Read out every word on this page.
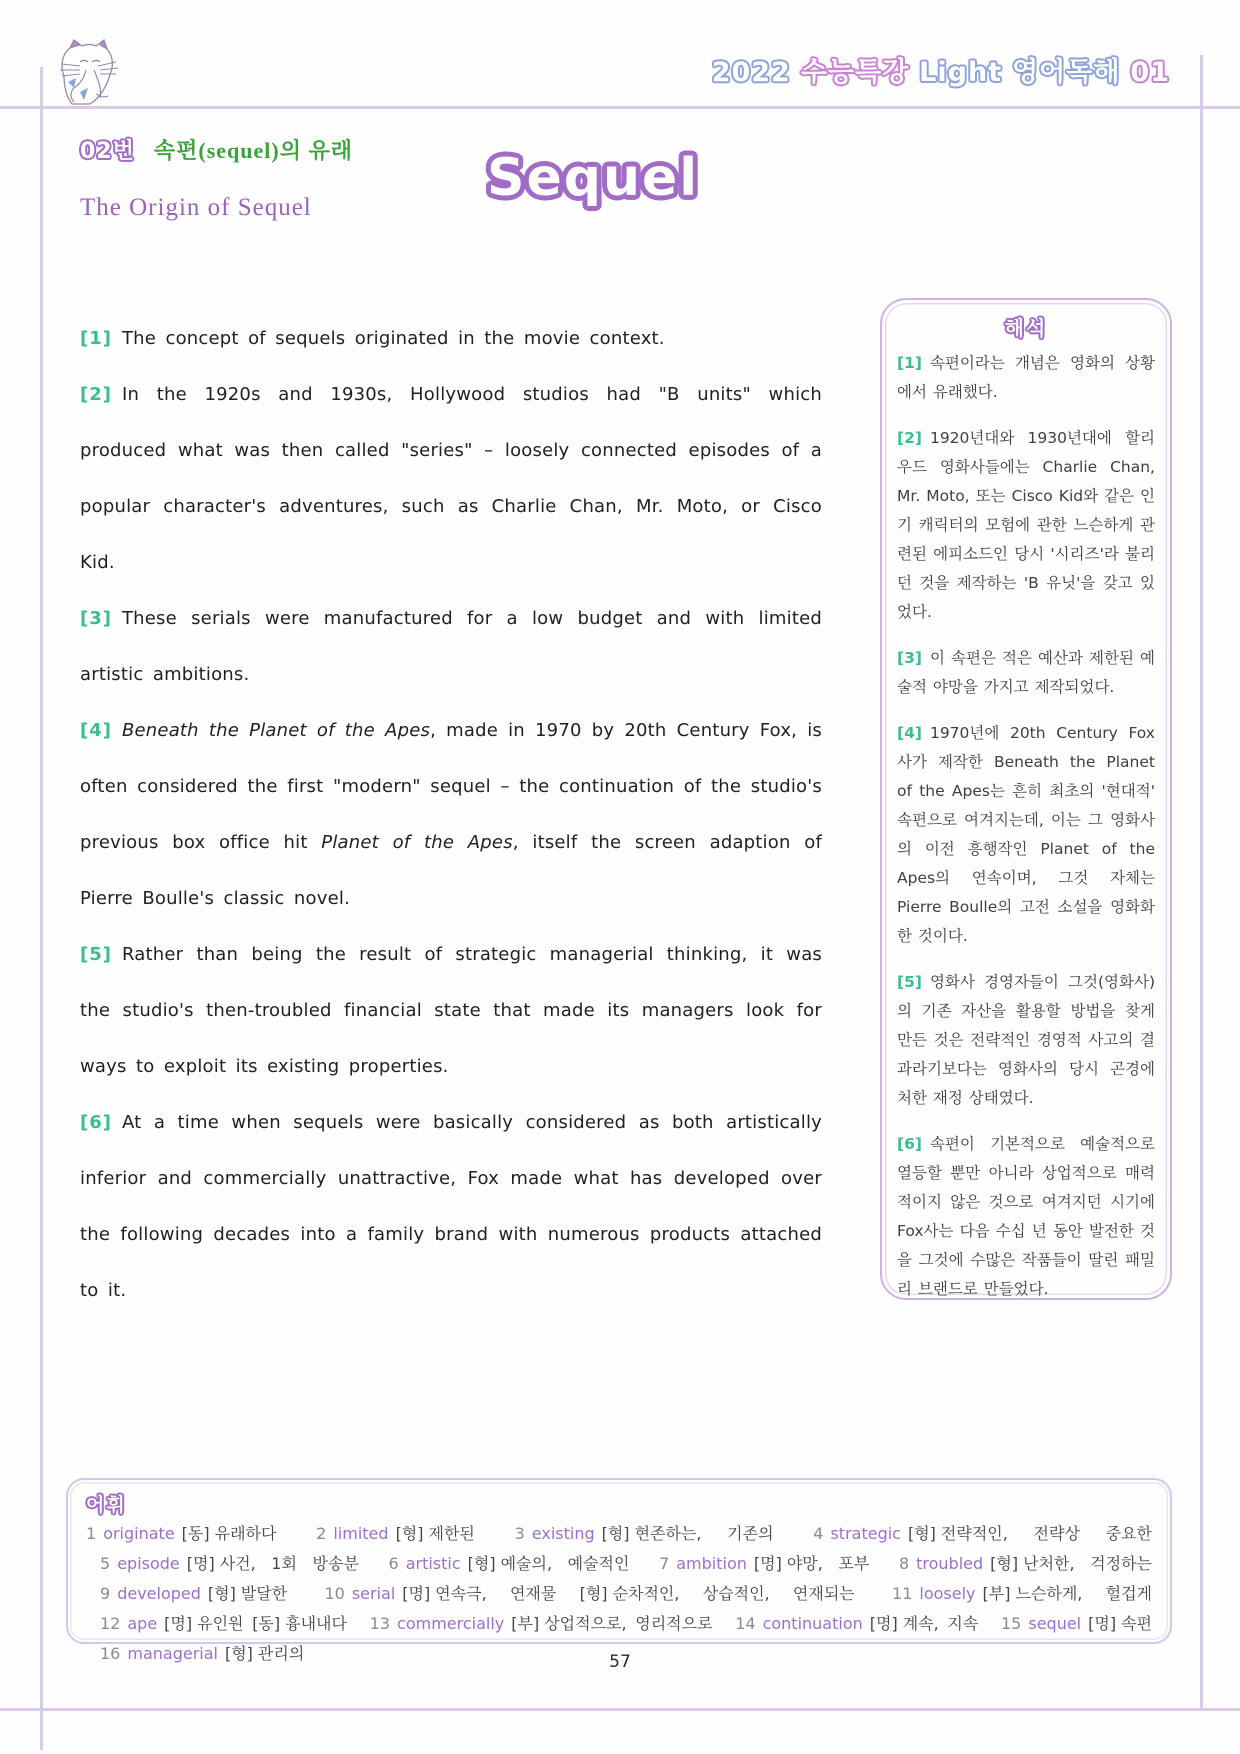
2022 수능특강 Light 영어독해 01
02번 속편(sequel)의 유래	Sequel
The Origin of Sequel
[1] The concept of sequels originated in the movie context.
[2] In the 1920s and 1930s, Hollywood studios had "B units" which produced what was then called "series" – loosely connected episodes of a popular character's adventures, such as Charlie Chan, Mr. Moto, or Cisco Kid.
[3] These serials were manufactured for a low budget and with limited artistic ambitions.
[4] Beneath the Planet of the Apes, made in 1970 by 20th Century Fox, is often considered the first "modern" sequel – the continuation of the studio's previous box office hit Planet of the Apes, itself the screen adaption of Pierre Boulle's classic novel.
[5] Rather than being the result of strategic managerial thinking, it was the studio's then-troubled financial state that made its managers look for ways to exploit its existing properties.
[6] At a time when sequels were basically considered as both artistically inferior and commercially unattractive, Fox made what has developed over the following decades into a family brand with numerous products attached to it.
해석
[1] 속편이라는 개념은 영화의 상황에서 유래했다.
[2] 1920년대와 1930년대에 할리우드 영화사들에는 Charlie Chan, Mr. Moto, 또는 Cisco Kid와 같은 인기 캐릭터의 모험에 관한 느슨하게 관련된 에피소드인 당시 '시리즈'라 불리던 것을 제작하는 'B 유닛'을 갖고 있었다.
[3] 이 속편은 적은 예산과 제한된 예술적 야망을 가지고 제작되었다.
[4] 1970년에 20th Century Fox사가 제작한 Beneath the Planet of the Apes는 흔히 최초의 '현대적' 속편으로 여겨지는데, 이는 그 영화사의 이전 흥행작인 Planet of the Apes의 연속이며, 그것 자체는 Pierre Boulle의 고전 소설을 영화화한 것이다.
[5] 영화사 경영자들이 그것(영화사)의 기존 자산을 활용할 방법을 찾게 만든 것은 전략적인 경영적 사고의 결과라기보다는 영화사의 당시 곤경에 처한 재정 상태였다.
[6] 속편이 기본적으로 예술적으로 열등할 뿐만 아니라 상업적으로 매력적이지 않은 것으로 여겨지던 시기에 Fox사는 다음 수십 년 동안 발전한 것을 그것에 수많은 작품들이 딸린 패밀리 브랜드로 만들었다.
어휘
1 originate [동] 유래하다 2 limited [형] 제한된 3 existing [형] 현존하는, 기존의 4 strategic [형] 전략적인, 전략상 중요한 5 episode [명] 사건, 1회 방송분 6 artistic [형] 예술의, 예술적인 7 ambition [명] 야망, 포부 8 troubled [형] 난처한, 걱정하는 9 developed [형] 발달한 10 serial [명] 연속극, 연재물 [형] 순차적인, 상습적인, 연재되는 11 loosely [부] 느슨하게, 헐겁게 12 ape [명] 유인원 [동] 흉내내다 13 commercially [부] 상업적으로, 영리적으로 14 continuation [명] 계속, 지속 15 sequel [명] 속편 16 managerial [형] 관리의	57
